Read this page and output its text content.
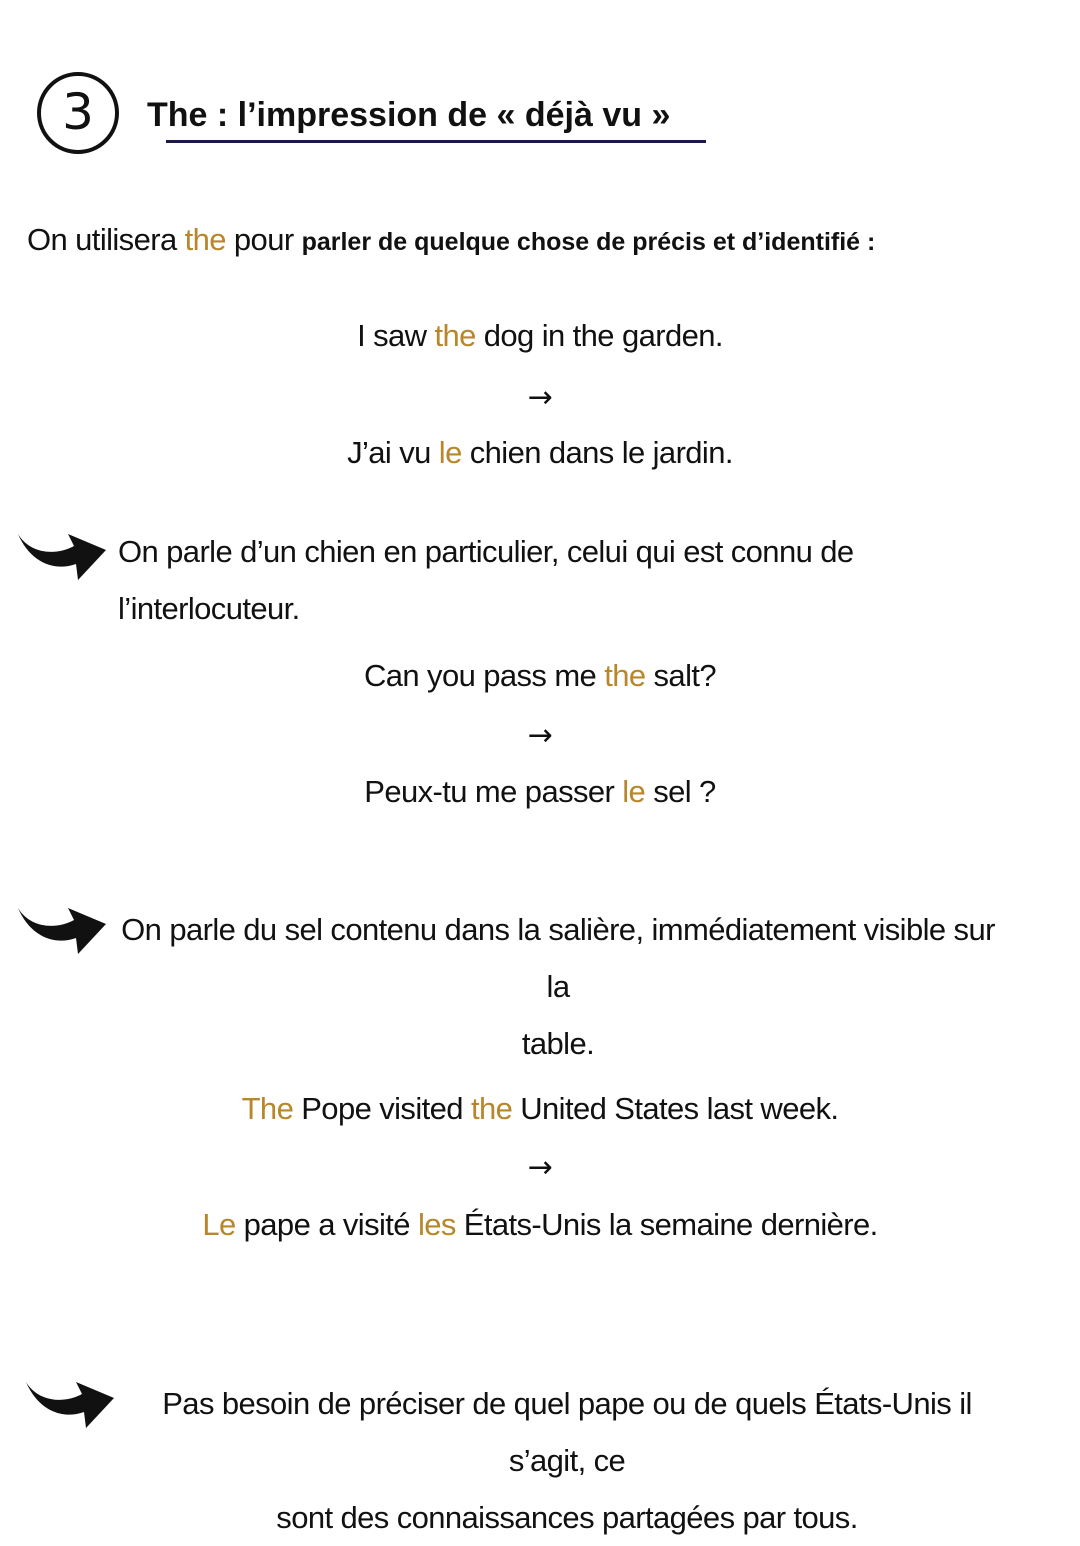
3	The : l’impression de « déjà vu »
On utilisera the pour parler de quelque chose de précis et d’identifié :
I saw the dog in the garden.
→
J’ai vu le chien dans le jardin.
On parle d’un chien en particulier, celui qui est connu de l’interlocuteur.
Can you pass me the salt?
→
Peux-tu me passer le sel ?
On parle du sel contenu dans la salière, immédiatement visible sur la
table.
The Pope visited the United States last week.
→
Le pape a visité les États-Unis la semaine dernière.
Pas besoin de préciser de quel pape ou de quels États-Unis il s’agit, ce
sont des connaissances partagées par tous.
